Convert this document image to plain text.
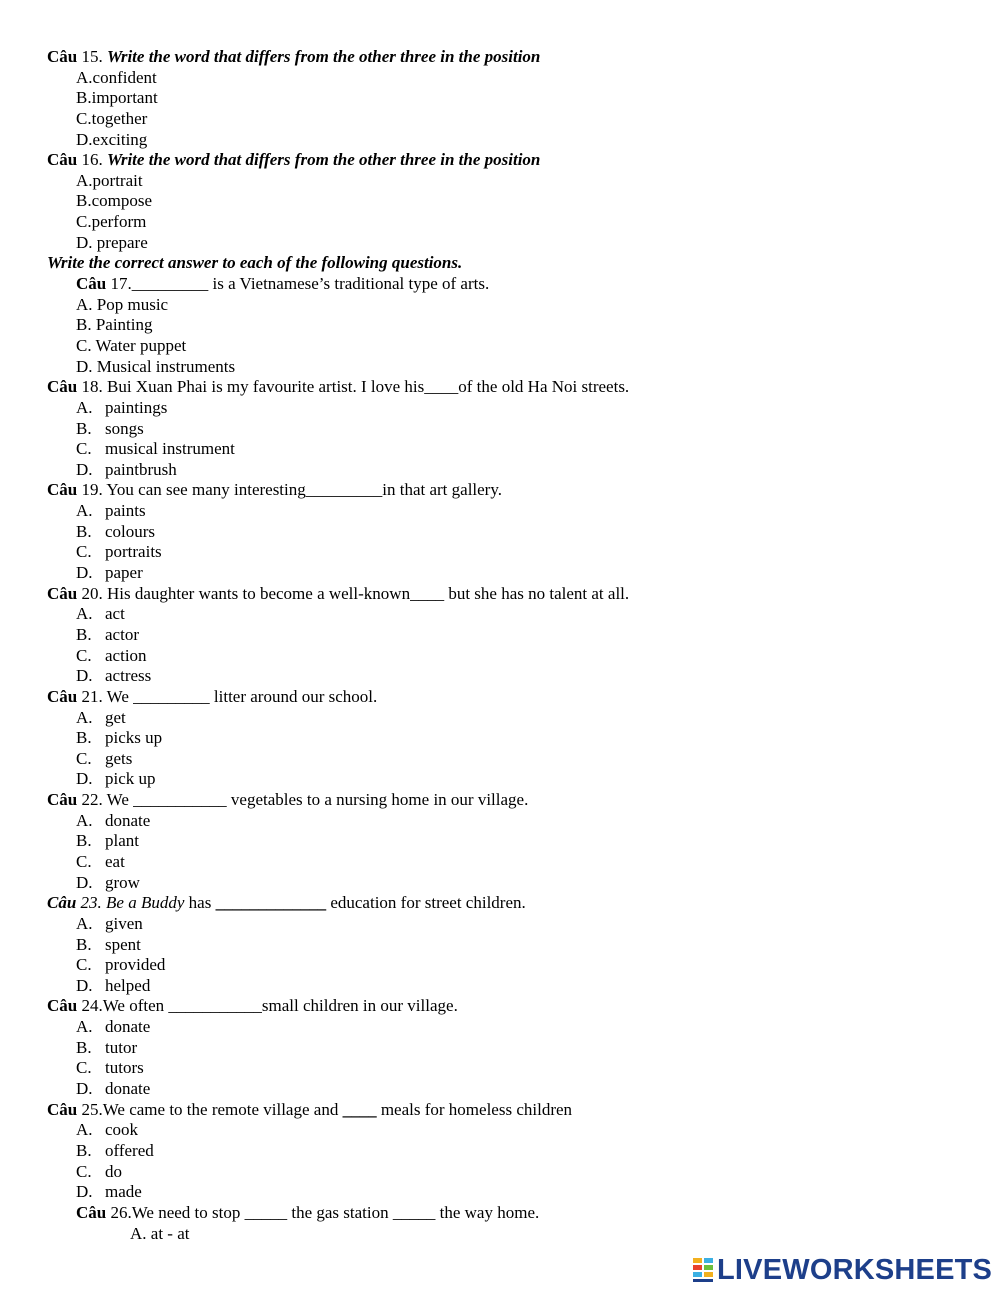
Câu 15. Write the word that differs from the other three in the position
A.confident
B.important
C.together
D.exciting
Câu 16. Write the word that differs from the other three in the position
A.portrait
B.compose
C.perform
D. prepare
Write the correct answer to each of the following questions.
Câu 17._________ is a Vietnamese’s traditional type of arts.
A. Pop music
B. Painting
C. Water puppet
D. Musical instruments
Câu 18. Bui Xuan Phai is my favourite artist. I love his____of the old Ha Noi streets.
A. paintings
B. songs
C. musical instrument
D. paintbrush
Câu 19. You can see many interesting_________in that art gallery.
A. paints
B. colours
C. portraits
D. paper
Câu 20. His daughter wants to become a well-known____ but she has no talent at all.
A. act
B. actor
C. action
D. actress
Câu 21. We _________ litter around our school.
A. get
B. picks up
C. gets
D. pick up
Câu 22. We ___________ vegetables to a nursing home in our village.
A. donate
B. plant
C. eat
D. grow
Câu 23. Be a Buddy has _____________ education for street children.
A. given
B. spent
C. provided
D. helped
Câu 24.We often ___________small children in our village.
A. donate
B. tutor
C. tutors
D. donate
Câu 25.We came to the remote village and ____ meals for homeless children
A. cook
B. offered
C. do
D. made
Câu 26.We need to stop _____ the gas station _____ the way home.
A. at - at
LIVEWORKSHEETS
